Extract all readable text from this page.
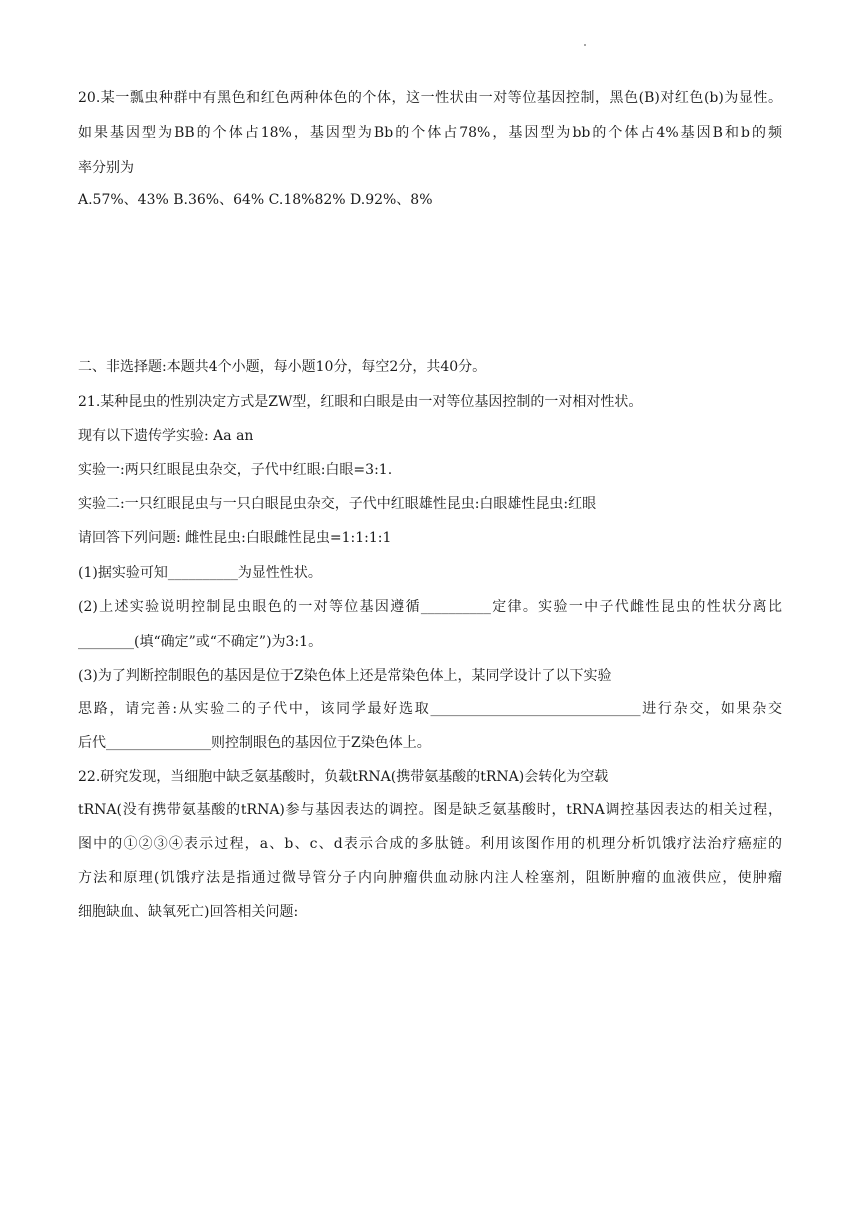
20.某一瓢虫种群中有黑色和红色两种体色的个体，这一性状由一对等位基因控制，黑色(B)对红色(b)为显性。
如果基因型为BB的个体占18%，基因型为Bb的个体占78%，基因型为bb的个体占4%基因B和b的频
率分别为
A.57%、43% B.36%、64% C.18%82% D.92%、8%
二、非选择题:本题共4个小题，每小题10分，每空2分，共40分。
21.某种昆虫的性别决定方式是ZW型，红眼和白眼是由一对等位基因控制的一对相对性状。
现有以下遗传学实验: Aa an
实验一:两只红眼昆虫杂交，子代中红眼:白眼=3:1.
实验二:一只红眼昆虫与一只白眼昆虫杂交，子代中红眼雄性昆虫:白眼雄性昆虫:红眼
请回答下列问题: 雌性昆虫:白眼雌性昆虫=1:1:1:1
(1)据实验可知__________为显性性状。
(2)上述实验说明控制昆虫眼色的一对等位基因遵循__________定律。实验一中子代雌性昆虫的性状分离比
________(填“确定”或“不确定”)为3:1。
(3)为了判断控制眼色的基因是位于Z染色体上还是常染色体上，某同学设计了以下实验
思路，请完善:从实验二的子代中，该同学最好选取______________________________进行杂交，如果杂交
后代_______________则控制眼色的基因位于Z染色体上。
22.研究发现，当细胞中缺乏氨基酸时，负载tRNA(携带氨基酸的tRNA)会转化为空载
tRNA(没有携带氨基酸的tRNA)参与基因表达的调控。图是缺乏氨基酸时，tRNA调控基因表达的相关过程，
图中的①②③④表示过程，a、b、c、d表示合成的多肽链。利用该图作用的机理分析饥饿疗法治疗癌症的
方法和原理(饥饿疗法是指通过微导管分子内向肿瘤供血动脉内注人栓塞剂，阻断肿瘤的血液供应，使肿瘤
细胞缺血、缺氧死亡)回答相关问题:
